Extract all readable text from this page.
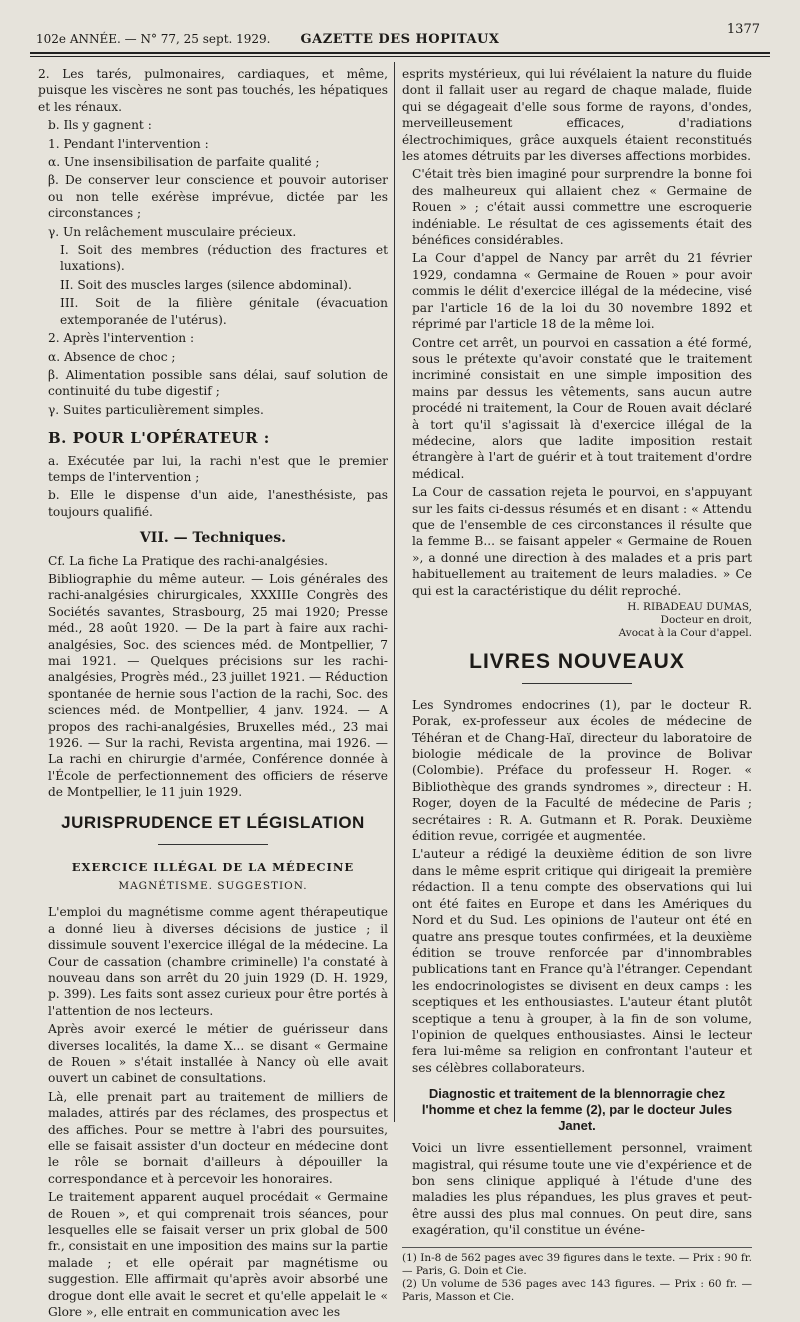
102e ANNÉE. — N° 77, 25 sept. 1929.	GAZETTE DES HOPITAUX
1377

2. Les tarés, pulmonaires, cardiaques, et même, puisque les viscères ne sont pas touchés, les hépatiques et les rénaux.

b. Ils y gagnent :

1. Pendant l'intervention :

α. Une insensibilisation de parfaite qualité ;

β. De conserver leur conscience et pouvoir autoriser ou non telle exérèse imprévue, dictée par les circonstances ;

γ. Un relâchement musculaire précieux.

I. Soit des membres (réduction des fractures et luxations).

II. Soit des muscles larges (silence abdominal).

III. Soit de la filière génitale (évacuation extemporanée de l'utérus).

2. Après l'intervention :

α. Absence de choc ;

β. Alimentation possible sans délai, sauf solution de continuité du tube digestif ;

γ. Suites particulièrement simples.

B. POUR L'OPÉRATEUR :

a. Exécutée par lui, la rachi n'est que le premier temps de l'intervention ;

b. Elle le dispense d'un aide, l'anesthésiste, pas toujours qualifié.

VII. — Techniques.

Cf. La fiche La Pratique des rachi-analgésies.

Bibliographie du même auteur. — Lois générales des rachi-analgésies chirurgicales, XXXIIIe Congrès des Sociétés savantes, Strasbourg, 25 mai 1920; Presse méd., 28 août 1920. — De la part à faire aux rachi-analgésies, Soc. des sciences méd. de Montpellier, 7 mai 1921. — Quelques précisions sur les rachi-analgésies, Progrès méd., 23 juillet 1921. — Réduction spontanée de hernie sous l'action de la rachi, Soc. des sciences méd. de Montpellier, 4 janv. 1924. — A propos des rachi-analgésies, Bruxelles méd., 23 mai 1926. — Sur la rachi, Revista argentina, mai 1926. — La rachi en chirurgie d'armée, Conférence donnée à l'École de perfectionnement des officiers de réserve de Montpellier, le 11 juin 1929.

JURISPRUDENCE ET LÉGISLATION
EXERCICE ILLÉGAL DE LA MÉDECINE
MAGNÉTISME. SUGGESTION.

L'emploi du magnétisme comme agent thérapeutique a donné lieu à diverses décisions de justice ; il dissimule souvent l'exercice illégal de la médecine. La Cour de cassation (chambre criminelle) l'a constaté à nouveau dans son arrêt du 20 juin 1929 (D. H. 1929, p. 399). Les faits sont assez curieux pour être portés à l'attention de nos lecteurs.

Après avoir exercé le métier de guérisseur dans diverses localités, la dame X... se disant « Germaine de Rouen » s'était installée à Nancy où elle avait ouvert un cabinet de consultations.

Là, elle prenait part au traitement de milliers de malades, attirés par des réclames, des prospectus et des affiches. Pour se mettre à l'abri des poursuites, elle se faisait assister d'un docteur en médecine dont le rôle se bornait d'ailleurs à dépouiller la correspondance et à percevoir les honoraires.

Le traitement apparent auquel procédait « Germaine de Rouen », et qui comprenait trois séances, pour lesquelles elle se faisait verser un prix global de 500 fr., consistait en une imposition des mains sur la partie malade ; et elle opérait par magnétisme ou suggestion. Elle affirmait qu'après avoir absorbé une drogue dont elle avait le secret et qu'elle appelait le « Glore », elle entrait en communication avec les

esprits mystérieux, qui lui révélaient la nature du fluide dont il fallait user au regard de chaque malade, fluide qui se dégageait d'elle sous forme de rayons, d'ondes, merveilleusement efficaces, d'radiations électrochimiques, grâce auxquels étaient reconstitués les atomes détruits par les diverses affections morbides.

C'était très bien imaginé pour surprendre la bonne foi des malheureux qui allaient chez « Germaine de Rouen » ; c'était aussi commettre une escroquerie indéniable. Le résultat de ces agissements était des bénéfices considérables.

La Cour d'appel de Nancy par arrêt du 21 février 1929, condamna « Germaine de Rouen » pour avoir commis le délit d'exercice illégal de la médecine, visé par l'article 16 de la loi du 30 novembre 1892 et réprimé par l'article 18 de la même loi.

Contre cet arrêt, un pourvoi en cassation a été formé, sous le prétexte qu'avoir constaté que le traitement incriminé consistait en une simple imposition des mains par dessus les vêtements, sans aucun autre procédé ni traitement, la Cour de Rouen avait déclaré à tort qu'il s'agissait là d'exercice illégal de la médecine, alors que ladite imposition restait étrangère à l'art de guérir et à tout traitement d'ordre médical.

La Cour de cassation rejeta le pourvoi, en s'appuyant sur les faits ci-dessus résumés et en disant : « Attendu que de l'ensemble de ces circonstances il résulte que la femme B... se faisant appeler « Germaine de Rouen », a donné une direction à des malades et a pris part habituellement au traitement de leurs maladies. » Ce qui est la caractéristique du délit reproché.

H. RIBADEAU DUMAS,
Docteur en droit,
Avocat à la Cour d'appel.
LIVRES NOUVEAUX

Les Syndromes endocrines (1), par le docteur R. Porak, ex-professeur aux écoles de médecine de Téhéran et de Chang-Haï, directeur du laboratoire de biologie médicale de la province de Bolivar (Colombie). Préface du professeur H. Roger. « Bibliothèque des grands syndromes », directeur : H. Roger, doyen de la Faculté de médecine de Paris ; secrétaires : R. A. Gutmann et R. Porak. Deuxième édition revue, corrigée et augmentée.

L'auteur a rédigé la deuxième édition de son livre dans le même esprit critique qui dirigeait la première rédaction. Il a tenu compte des observations qui lui ont été faites en Europe et dans les Amériques du Nord et du Sud. Les opinions de l'auteur ont été en quatre ans presque toutes confirmées, et la deuxième édition se trouve renforcée par d'innombrables publications tant en France qu'à l'étranger. Cependant les endocrinologistes se divisent en deux camps : les sceptiques et les enthousiastes. L'auteur étant plutôt sceptique a tenu à grouper, à la fin de son volume, l'opinion de quelques enthousiastes. Ainsi le lecteur fera lui-même sa religion en confrontant l'auteur et ses célèbres collaborateurs.

Diagnostic et traitement de la blennorragie chez l'homme et chez la femme (2), par le docteur Jules Janet.

Voici un livre essentiellement personnel, vraiment magistral, qui résume toute une vie d'expérience et de bon sens clinique appliqué à l'étude d'une des maladies les plus répandues, les plus graves et peut-être aussi des plus mal connues. On peut dire, sans exagération, qu'il constitue un événe-

(1) In-8 de 562 pages avec 39 figures dans le texte. — Prix : 90 fr. — Paris, G. Doin et Cie.
(2) Un volume de 536 pages avec 143 figures. — Prix : 60 fr. — Paris, Masson et Cie.
